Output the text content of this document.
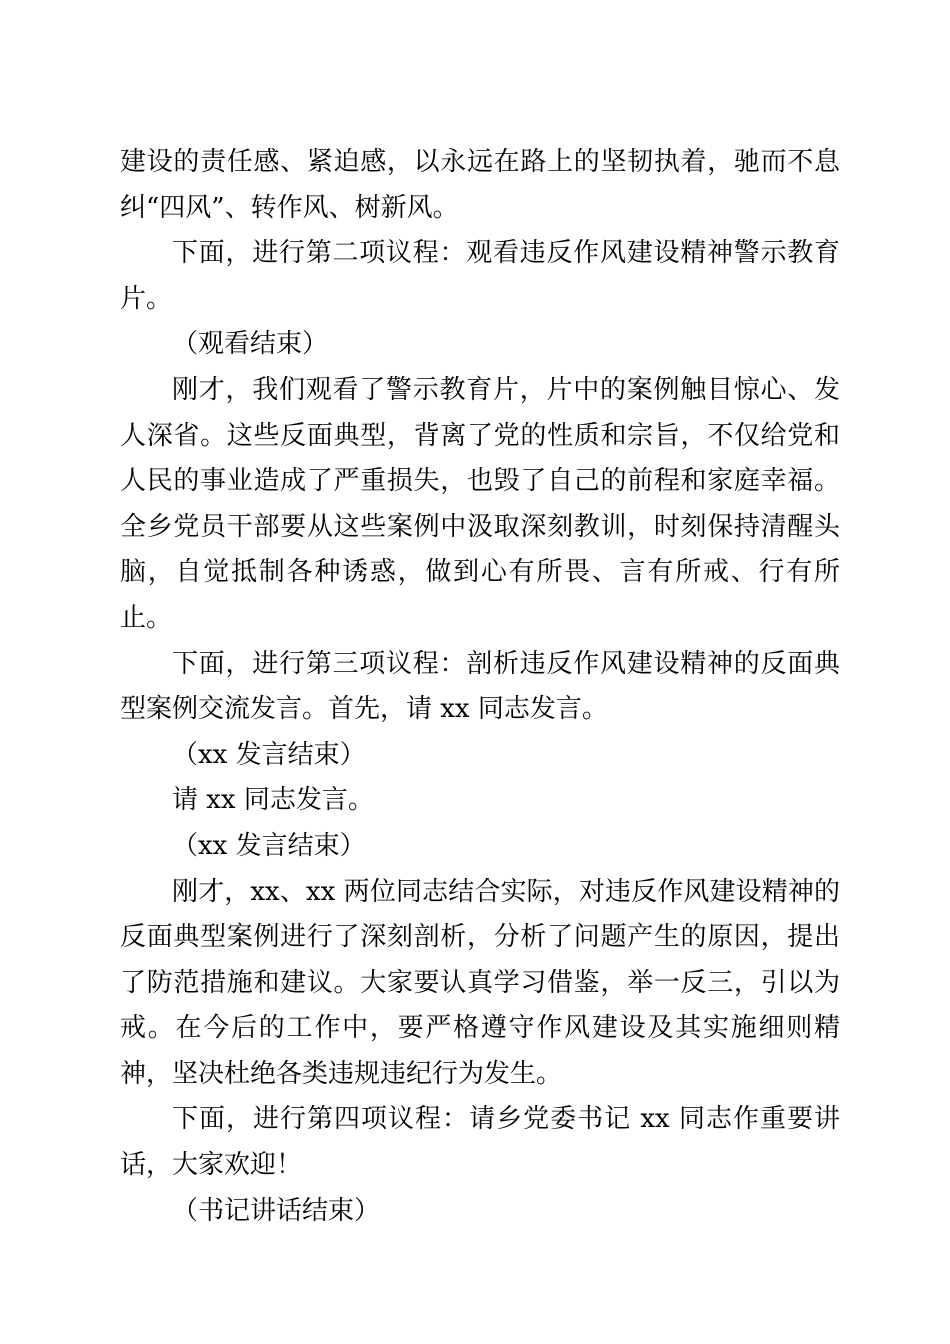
建设的责任感、紧迫感，以永远在路上的坚韧执着，驰而不息纠“四风”、转作风、树新风。

下面，进行第二项议程：观看违反作风建设精神警示教育片。

（观看结束）

刚才，我们观看了警示教育片，片中的案例触目惊心、发人深省。这些反面典型，背离了党的性质和宗旨，不仅给党和人民的事业造成了严重损失，也毁了自己的前程和家庭幸福。全乡党员干部要从这些案例中汲取深刻教训，时刻保持清醒头脑，自觉抵制各种诱惑，做到心有所畏、言有所戒、行有所止。

下面，进行第三项议程：剖析违反作风建设精神的反面典型案例交流发言。首先，请 xx 同志发言。

（xx 发言结束）

请 xx 同志发言。

（xx 发言结束）

刚才，xx、xx 两位同志结合实际，对违反作风建设精神的反面典型案例进行了深刻剖析，分析了问题产生的原因，提出了防范措施和建议。大家要认真学习借鉴，举一反三，引以为戒。在今后的工作中，要严格遵守作风建设及其实施细则精神，坚决杜绝各类违规违纪行为发生。

下面，进行第四项议程：请乡党委书记 xx 同志作重要讲话，大家欢迎！

（书记讲话结束）
